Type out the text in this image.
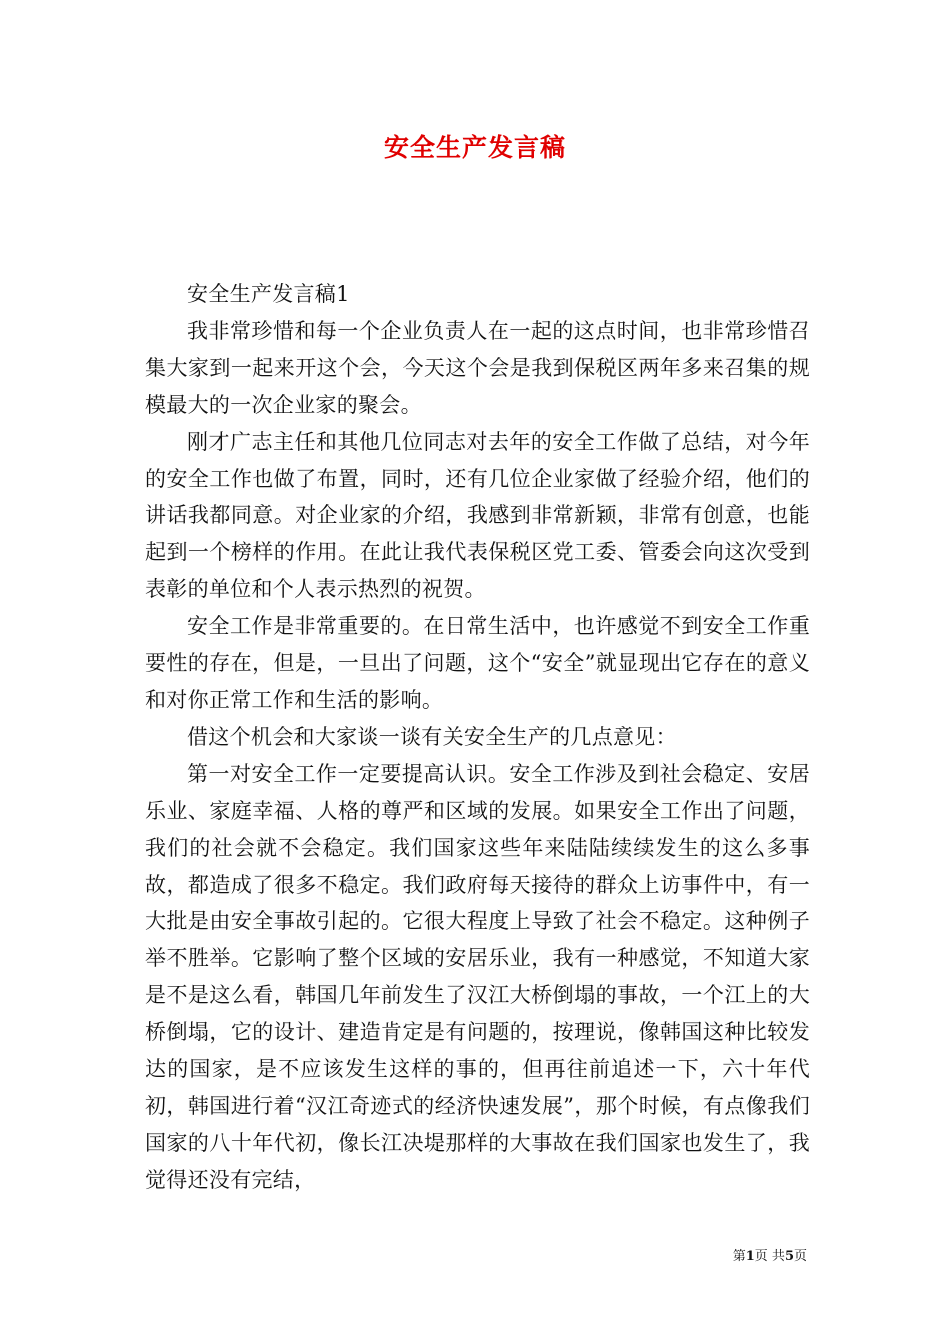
安全生产发言稿

安全生产发言稿1

我非常珍惜和每一个企业负责人在一起的这点时间，也非常珍惜召集大家到一起来开这个会，今天这个会是我到保税区两年多来召集的规模最大的一次企业家的聚会。

刚才广志主任和其他几位同志对去年的安全工作做了总结，对今年的安全工作也做了布置，同时，还有几位企业家做了经验介绍，他们的讲话我都同意。对企业家的介绍，我感到非常新颖，非常有创意，也能起到一个榜样的作用。在此让我代表保税区党工委、管委会向这次受到表彰的单位和个人表示热烈的祝贺。

安全工作是非常重要的。在日常生活中，也许感觉不到安全工作重要性的存在，但是，一旦出了问题，这个“安全”就显现出它存在的意义和对你正常工作和生活的影响。

借这个机会和大家谈一谈有关安全生产的几点意见：

第一对安全工作一定要提高认识。安全工作涉及到社会稳定、安居乐业、家庭幸福、人格的尊严和区域的发展。如果安全工作出了问题，我们的社会就不会稳定。我们国家这些年来陆陆续续发生的这么多事故，都造成了很多不稳定。我们政府每天接待的群众上访事件中，有一大批是由安全事故引起的。它很大程度上导致了社会不稳定。这种例子举不胜举。它影响了整个区域的安居乐业，我有一种感觉，不知道大家是不是这么看，韩国几年前发生了汉江大桥倒塌的事故，一个江上的大桥倒塌，它的设计、建造肯定是有问题的，按理说，像韩国这种比较发达的国家，是不应该发生这样的事的，但再往前追述一下，六十年代初，韩国进行着“汉江奇迹式的经济快速发展”，那个时候，有点像我们国家的八十年代初，像长江决堤那样的大事故在我们国家也发生了，我觉得还没有完结，

第1页 共5页
